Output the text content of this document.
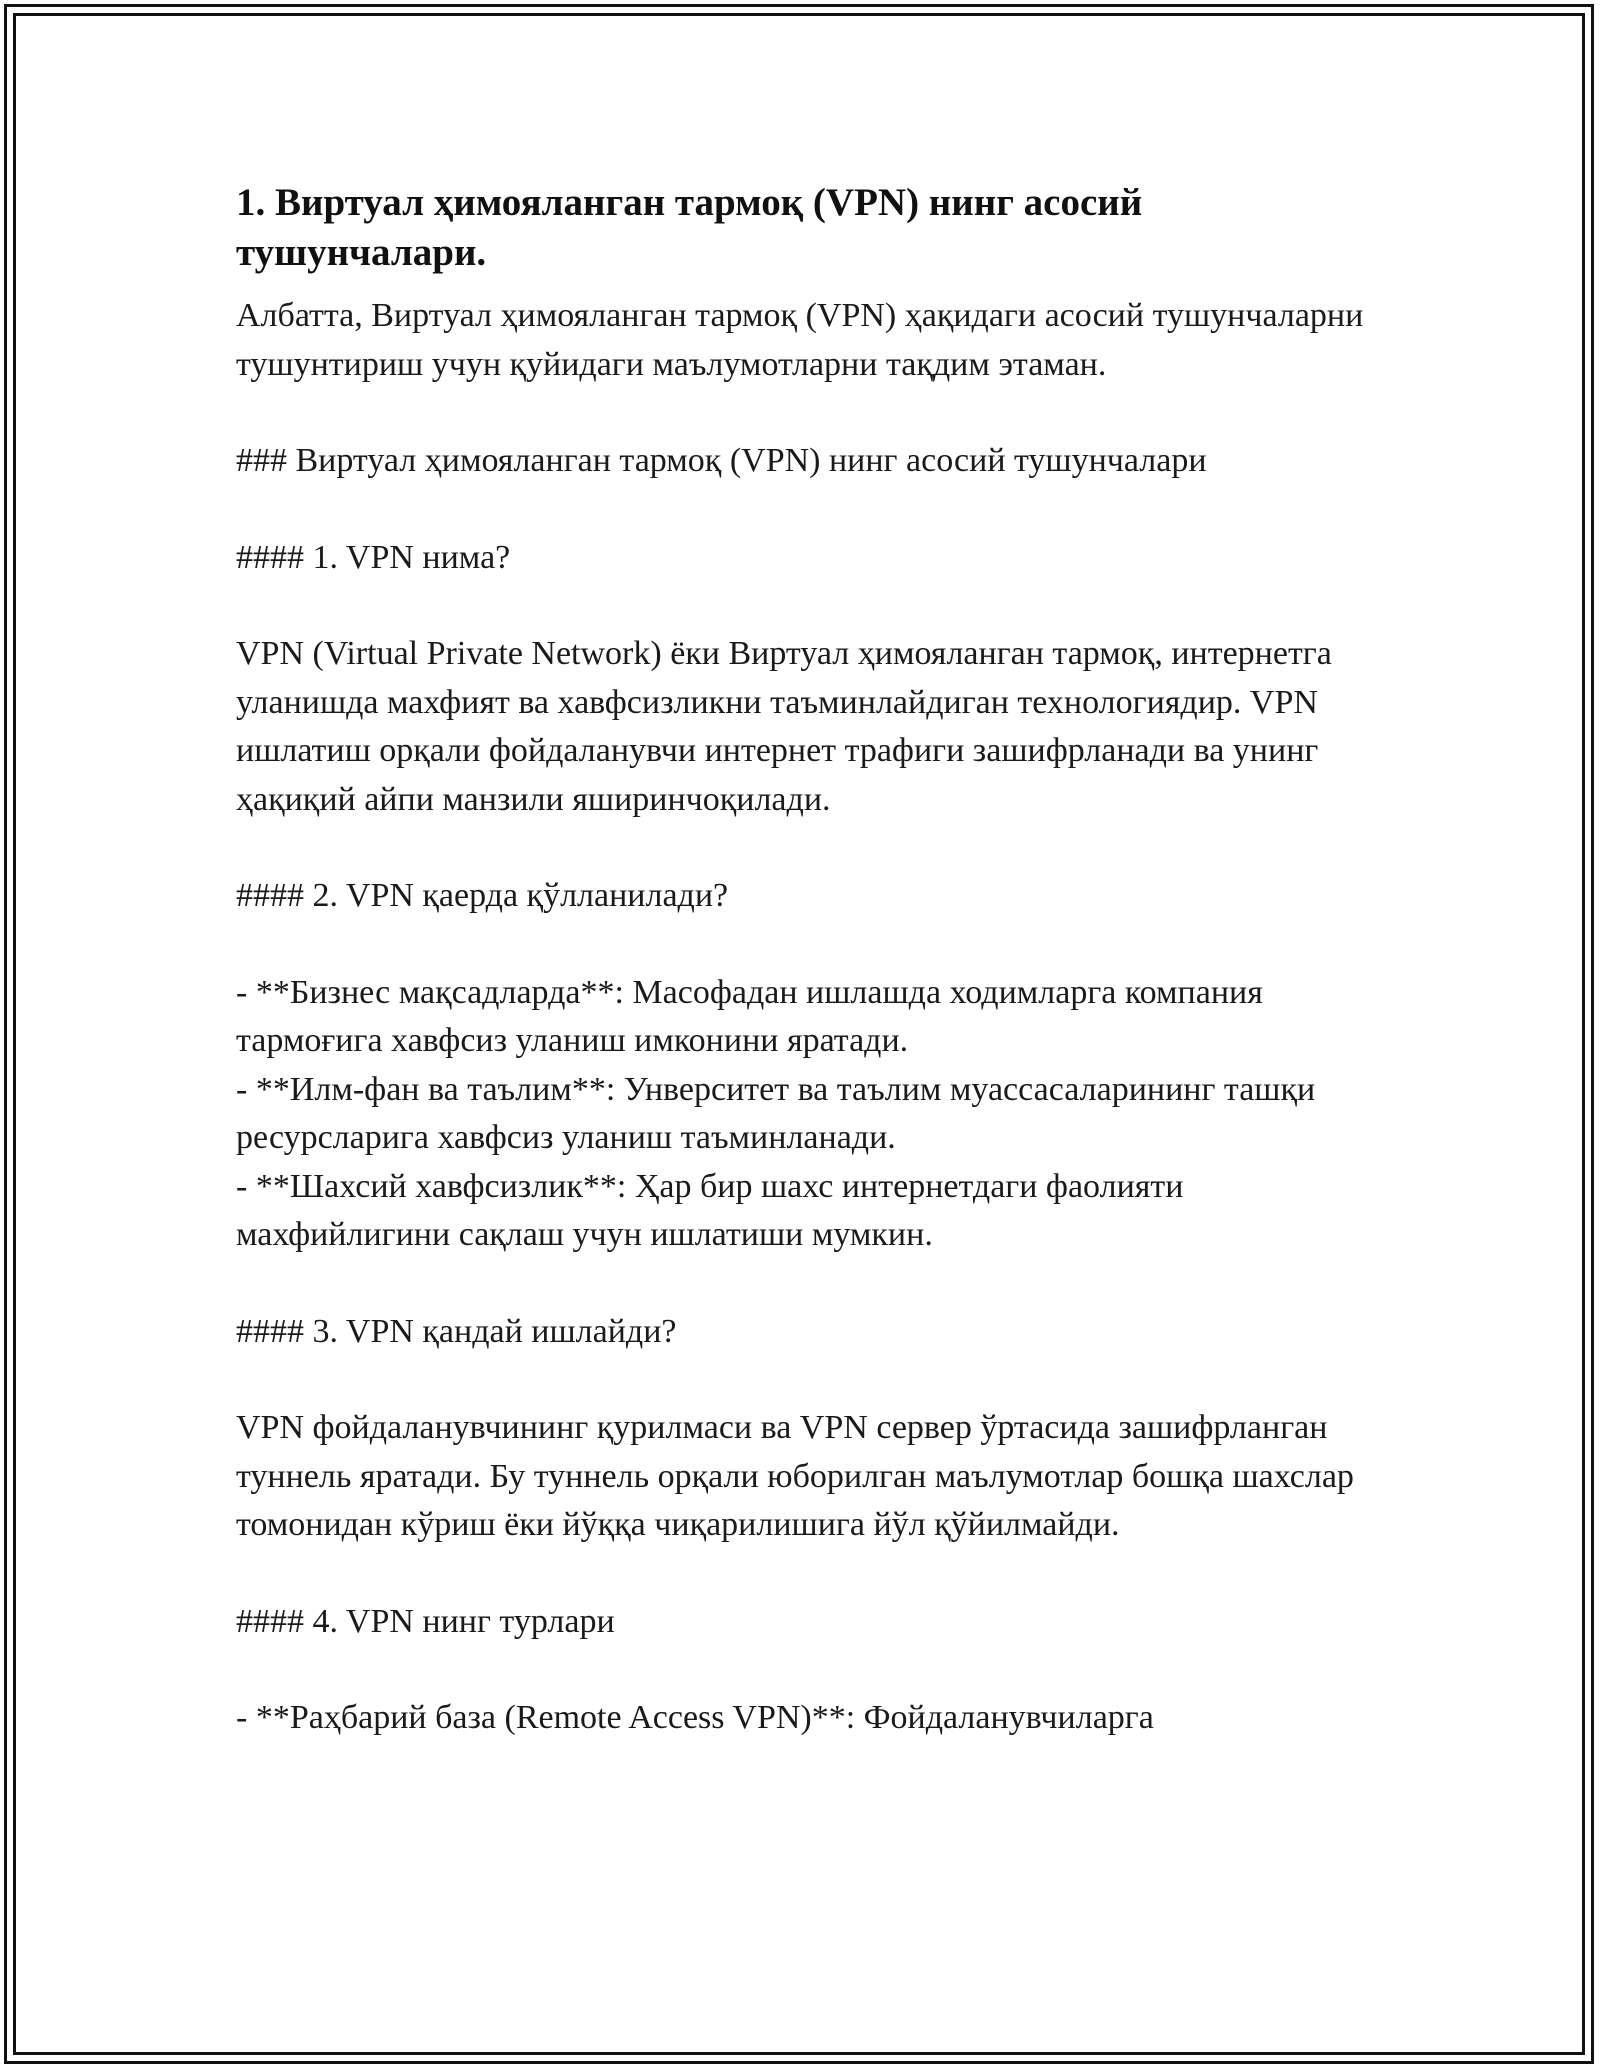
1. Виртуал ҳимояланган тармоқ (VPN) нинг асосий тушунчалари.

Албатта, Виртуал ҳимояланган тармоқ (VPN) ҳақидаги асосий тушунчаларни тушунтириш учун қуйидаги маълумотларни тақдим этаман.

### Виртуал ҳимояланган тармоқ (VPN) нинг асосий тушунчалари

#### 1. VPN нима?

VPN (Virtual Private Network) ёки Виртуал ҳимояланган тармоқ, интернетга уланишда махфият ва хавфсизликни таъминлайдиган технологиядир. VPN ишлатиш орқали фойдаланувчи интернет трафиги зашифрланади ва унинг ҳақиқий айпи манзили яширинчоқилади.

#### 2. VPN қаерда қўлланилади?

- **Бизнес мақсадларда**: Масофадан ишлашда ходимларга компания тармоғига хавфсиз уланиш имконини яратади.

- **Илм-фан ва таълим**: Унверситет ва таълим муассасаларининг ташқи ресурсларига хавфсиз уланиш таъминланади.

- **Шахсий хавфсизлик**: Ҳар бир шахс интернетдаги фаолияти махфийлигини сақлаш учун ишлатиши мумкин.

#### 3. VPN қандай ишлайди?

VPN фойдаланувчининг қурилмаси ва VPN сервер ўртасида зашифрланган туннель яратади. Бу туннель орқали юборилган маълумотлар бошқа шахслар томонидан кўриш ёки йўққа чиқарилишига йўл қўйилмайди.

#### 4. VPN нинг турлари

- **Раҳбарий база (Remote Access VPN)**: Фойдаланувчиларга
